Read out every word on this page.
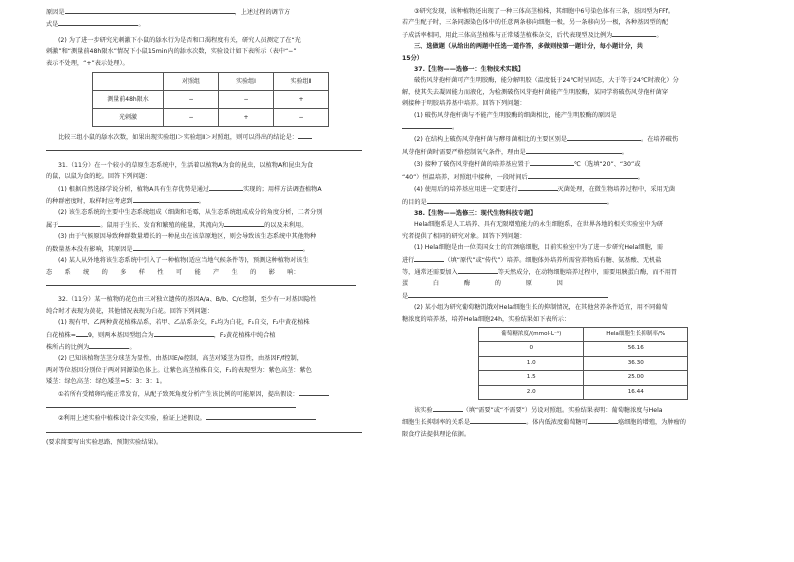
原因是	，上述过程的调节方

式是	。

(2) 为了进一步研究光刺激下小鼠的舔水行为是否和口渴程度有关，研究人员测定了在“光

刺激”和“测量前48h限水”情况下小鼠15min内的舔水次数，实验设计如下表所示（表中“−”

表示不处理，“+”表示处理）。

	对照组	实验组Ⅰ	实验组Ⅱ
测量前48h限水	−	−	+
光刺激	−	+	−

比较三组小鼠的舔水次数，如果出现实验组Ⅰ＞实验组Ⅱ＞对照组，则可以得出的结论是：

31.（11分）在一个较小的草原生态系统中，生活着以植物A为食的昆虫，以植物A和昆虫为食

的鼠，以鼠为食的蛇。回答下列问题：

(1) 根据自然选择学说分析，植物A具有生存优势是通过	实现的；用样方法调查植物A

的种群密度时，取样时应考虑到	。

(2) 该生态系统的主要中生态系统组成（细菌和毛霉，从生态系统组成成分的角度分析，二者分别

属于	。鼠用于生长、发育和繁殖的能量，其流向为	的以及未利用。

(3) 由于气候原因导致种群数量增长的一种昆虫在该草原地区，则会导致该生态系统中其他物种

的数量基本没有影响，其原因是	。

(4) 某人从外地将该生态系统中引入了一种植物(适应当地气候条件等)，预测这种植物对该生

态　　系　　统　　的　　多　　样　　性　　可　　能　　产　　生　　的　　影　　响：

32.（11分）某一植物的花色由三对独立遗传的基因A/a、B/b、C/c控制，至少有一对基因隐性

纯合时才表现为黄花，其他情况表现为白花。回答下列问题：

(1) 现有甲、乙两种黄花植株品系，若甲、乙品系杂交，F₁均为白花，F₁自交，F₂中黄花植株

白花植株= 9，则两本基因型组合为	，F₂黄花植株中纯合植

株所占的比例为	。

(2) 已知该植物茎茎分球茎为显性，由基因E/e控制，高茎对矮茎为显性，由基因F/f控制，

两对等位基因分别位于两对同源染色体上。让紫色高茎植株自交，F₁的表现型为：紫色高茎：紫色

矮茎：绿色高茎：绿色矮茎=5：3：3：1。

①若所有受精卵均能正常发育，从配子致死角度分析产生该比例的可能原因，提出假设：

②利用上述实验中植株设计杂交实验，验证上述假设。

(要求简要写出实验思路、预期实验结果)。

③研究发现，该种植物还出现了一种三体高茎植株，其细胞中6号染色体有三条，基因型为FFf。

若产生配子时，三条同源染色体中的任意两条移向细胞一极，另一条移向另一极，各种基因型的配

子成活率相同，用此三体高茎植株与正常矮茎植株杂交，后代表现型及比例为	。

三、选做题（从给出的两题中任选一道作答，多做则按第一题计分，每小题计分，共

15分）

37.【生物——选修一：生物技术实践】

破伤风芽孢杆菌可产生明胶酶，能分解明胶（温度低于24℃时呈固态，大于等于24℃时液化）分

解，使其失去凝固能力而液化，为检测破伤风芽孢杆菌能产生明胶酶，某同学将破伤风芽孢杆菌穿

刺接种于明胶培养基中培养。回答下列问题：

(1) 破伤风芽孢杆菌与不能产生明胶酶的细菌相比，能产生明胶酶的原因是

。

(2) 在结构上破伤风芽孢杆菌与酵母菌相比的主要区别是	。在培养破伤

风芽孢杆菌时需要严格控制氧气条件，理由是	。

(3) 接种了破伤风芽孢杆菌的培养基应置于	℃（选填“20”、“30”或

“40”）恒温培养，对照组中接种，一段时间后	。

(4) 使用后的培养基应用进一定要进行	灭菌处理，在微生物培养过程中，采用无菌

的目的是	。

38.【生物——选修三：现代生物科技专题】

Hela细胞系是人工培养、具有无限增殖能力的永生细胞系，在世界各地的相关实验室中为研

究者提供了相同的研究对象。回答下列问题：

(1) Hela细胞是由一位美国女士的宫颈癌细胞，目前实验室中为了进一步研究Hela细胞，需

进行	（填“原代”或“传代”）培养。细胞体外培养所需营养物质有糖、氨基酸、无机盐

等，通常还需要加入	等天然成分，在动物细胞培养过程中，需要用胰蛋白酶，而不用胃

蛋　　　　白　　　　酶　　　　的　　　　原　　　　因

是

(2) 某小组为研究葡萄糖饥饿对Hela细胞生长的抑制情况，在其他营养条件适宜，用不同葡萄

糖浓度的培养基，培养Hela细胞24h，实验结果如下表所示：

葡萄糖浓度/(mmol·L⁻¹)	Hela细胞生长抑制率/%
0	56.16
1.0	36.30
1.5	25.00
2.0	16.44

该实验	（填“需要”或“不需要”）另设对照组。实验结果表明：葡萄糖浓度与Hela

细胞生长抑制率的关系是	。体内低浓度葡萄糖可	癌细胞的增殖，为肿瘤的

限食疗法提供理论依据。
